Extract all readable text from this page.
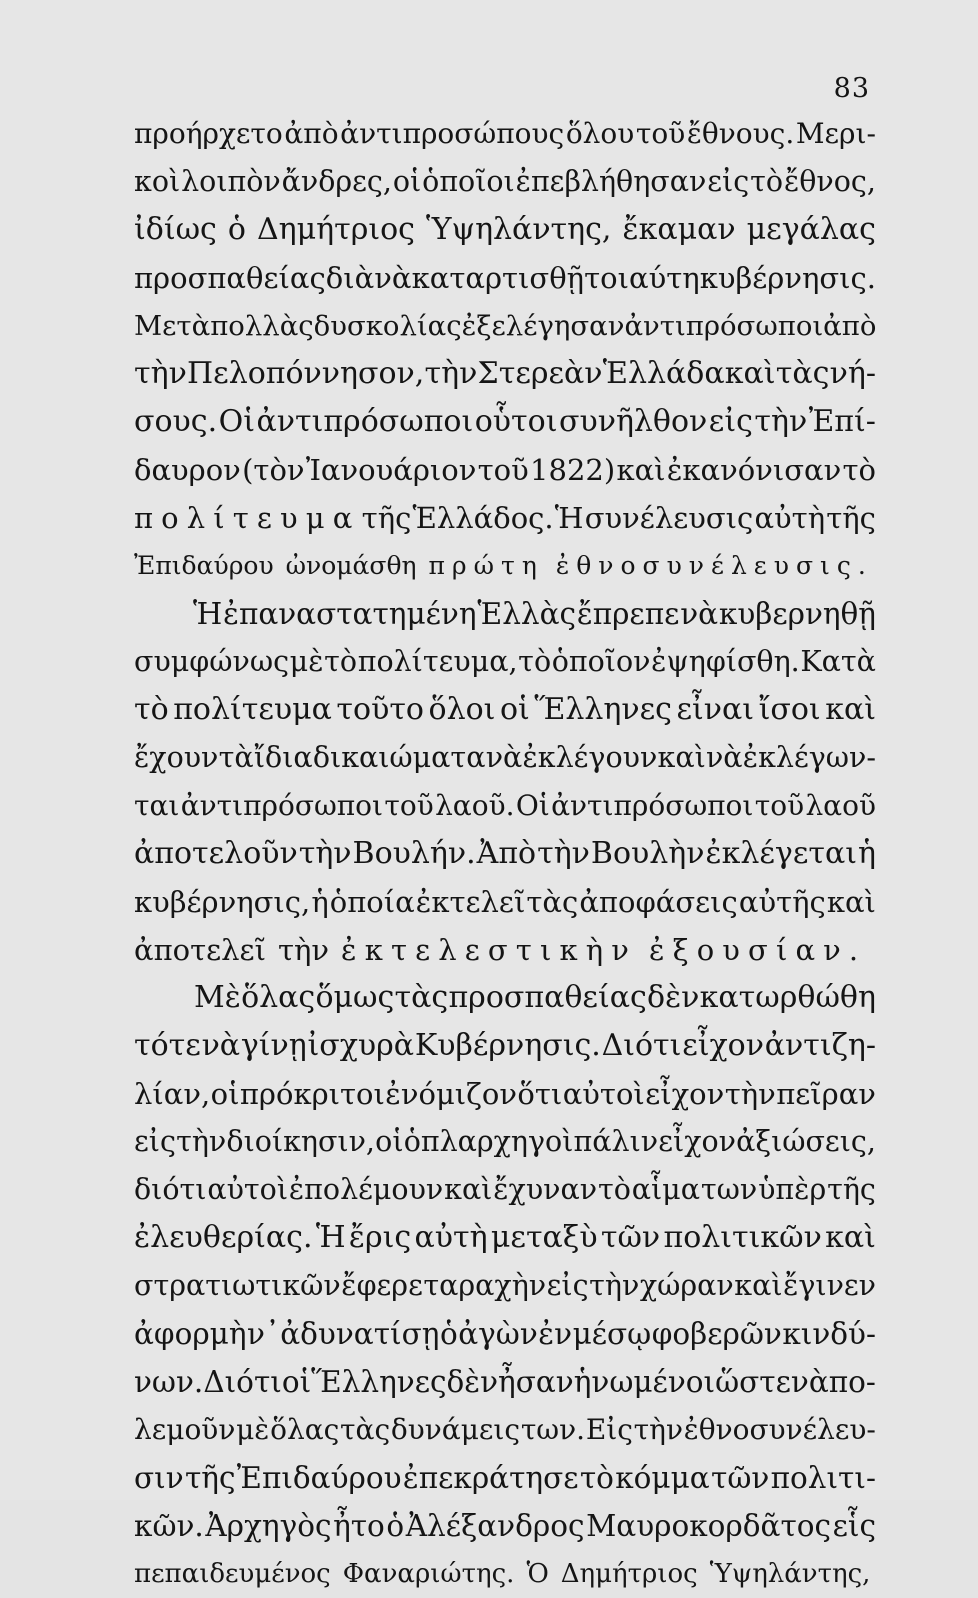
83
προήρχετο ἀπὸ ἀντιπροσώπους ὅλου τοῦ ἔθνους. Μερι-
κοὶ λοιπὸν ἄνδρες, οἱ ὁποῖοι ἐπεβλήθησαν εἰς τὸ ἔθνος,
ἰδίως ὁ Δημήτριος Ὑψηλάντης, ἔκαμαν μεγάλας
προσπαθείας διὰ νὰ καταρτισθῇ τοιαύτη κυβέρνησις.
Μετὰ πολλὰς δυσκολίας ἐξελέγησαν ἀντιπρόσωποι ἀπὸ
τὴν Πελοπόννησον, τὴν Στερεὰν Ἑλλάδα καὶ τὰς νή-
σους. Οἱ ἀντιπρόσωποι οὗτοι συνῆλθον εἰς τὴν Ἐπί-
δαυρον (τὸν Ἰανουάριον τοῦ 1822) καὶ ἐκανόνισαν τὸ
πολίτευμα τῆς Ἑλλάδος. Ἡ συνέλευσις αὐτὴ τῆς
Ἐπιδαύρου ὠνομάσθη πρώτη ἐθνοσυνέλευσις.
Ἡ ἐπαναστατημένη Ἑλλὰς ἔπρεπε νὰ κυβερνηθῇ
συμφώνως μὲ τὸ πολίτευμα, τὸ ὁποῖον ἐψηφίσθη. Κατὰ
τὸ πολίτευμα τοῦτο ὅλοι οἱ Ἕλληνες εἶναι ἴσοι καὶ
ἔχουν τὰ ἴδια δικαιώματα νὰ ἐκλέγουν καὶ νὰ ἐκλέγων-
ται ἀντιπρόσωποι τοῦ λαοῦ. Οἱ ἀντιπρόσωποι τοῦ λαοῦ
ἀποτελοῦν τὴν Βουλήν. Ἀπὸ τὴν Βουλὴν ἐκλέγεται ἡ
κυβέρνησις, ἡ ὁποία ἐκτελεῖ τὰς ἀποφάσεις αὐτῆς καὶ
ἀποτελεῖ τὴν ἐκτελεστικὴν ἐξουσίαν.
Μὲ ὅλας ὅμως τὰς προσπαθείας δὲν κατωρθώθη
τότε νὰ γίνῃ ἰσχυρὰ Κυβέρνησις. Διότι εἶχον ἀντιζη-
λίαν, οἱ πρόκριτοι ἐνόμιζον ὅτι αὐτοὶ εἶχον τὴν πεῖραν
εἰς τὴν διοίκησιν, οἱ ὁπλαρχηγοὶ πάλιν εἶχον ἀξιώσεις,
διότι αὐτοὶ ἐπολέμουν καὶ ἔχυναν τὸ αἷμα των ὑπὲρ τῆς
ἐλευθερίας. Ἡ ἔρις αὐτὴ μεταξὺ τῶν πολιτικῶν καὶ
στρατιωτικῶν ἔφερε ταραχὴν εἰς τὴν χώραν καὶ ἔγινεν
ἀφορμὴ ν᾽ ἀδυνατίσῃ ὁ ἀγὼν ἐν μέσῳ φοβερῶν κινδύ-
νων. Διότι οἱ Ἕλληνες δὲν ἦσαν ἡνωμένοι ὥστε νὰ πο-
λεμοῦν μὲ ὅλας τὰς δυνάμεις των. Εἰς τὴν ἐθνοσυνέλευ-
σιν τῆς Ἐπιδαύρου ἐπεκράτησε τὸ κόμμα τῶν πολιτι-
κῶν. Ἀρχηγὸς ἦτο ὁ Ἀλέξανδρος Μαυροκορδᾶτος εἷς
πεπαιδευμένος Φαναριώτης. Ὁ Δημήτριος Ὑψηλάντης,
